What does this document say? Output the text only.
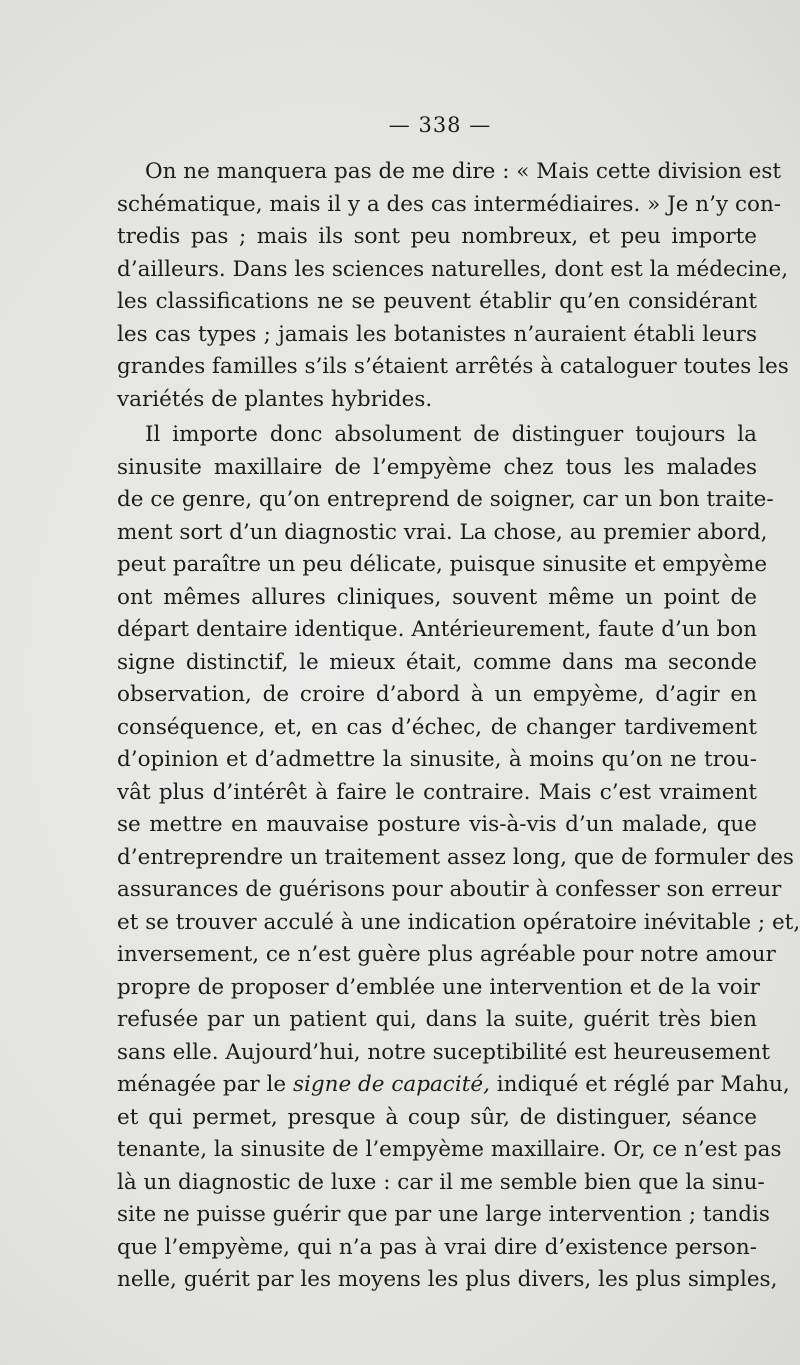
— 338 —
On ne manquera pas de me dire : « Mais cette division est
schématique, mais il y a des cas intermédiaires. » Je n’y con-
tredis pas ; mais ils sont peu nombreux, et peu importe
d’ailleurs. Dans les sciences naturelles, dont est la médecine,
les classifications ne se peuvent établir qu’en considérant
les cas types ; jamais les botanistes n’auraient établi leurs
grandes familles s’ils s’étaient arrêtés à cataloguer toutes les
variétés de plantes hybrides.
Il importe donc absolument de distinguer toujours la
sinusite maxillaire de l’empyème chez tous les malades
de ce genre, qu’on entreprend de soigner, car un bon traite-
ment sort d’un diagnostic vrai. La chose, au premier abord,
peut paraître un peu délicate, puisque sinusite et empyème
ont mêmes allures cliniques, souvent même un point de
départ dentaire identique. Antérieurement, faute d’un bon
signe distinctif, le mieux était, comme dans ma seconde
observation, de croire d’abord à un empyème, d’agir en
conséquence, et, en cas d’échec, de changer tardivement
d’opinion et d’admettre la sinusite, à moins qu’on ne trou-
vât plus d’intérêt à faire le contraire. Mais c’est vraiment
se mettre en mauvaise posture vis-à-vis d’un malade, que
d’entreprendre un traitement assez long, que de formuler des
assurances de guérisons pour aboutir à confesser son erreur
et se trouver acculé à une indication opératoire inévitable ; et,
inversement, ce n’est guère plus agréable pour notre amour
propre de proposer d’emblée une intervention et de la voir
refusée par un patient qui, dans la suite, guérit très bien
sans elle. Aujourd’hui, notre suceptibilité est heureusement
ménagée par le signe de capacité, indiqué et réglé par Mahu,
et qui permet, presque à coup sûr, de distinguer, séance
tenante, la sinusite de l’empyème maxillaire. Or, ce n’est pas
là un diagnostic de luxe : car il me semble bien que la sinu-
site ne puisse guérir que par une large intervention ; tandis
que l’empyème, qui n’a pas à vrai dire d’existence person-
nelle, guérit par les moyens les plus divers, les plus simples,
